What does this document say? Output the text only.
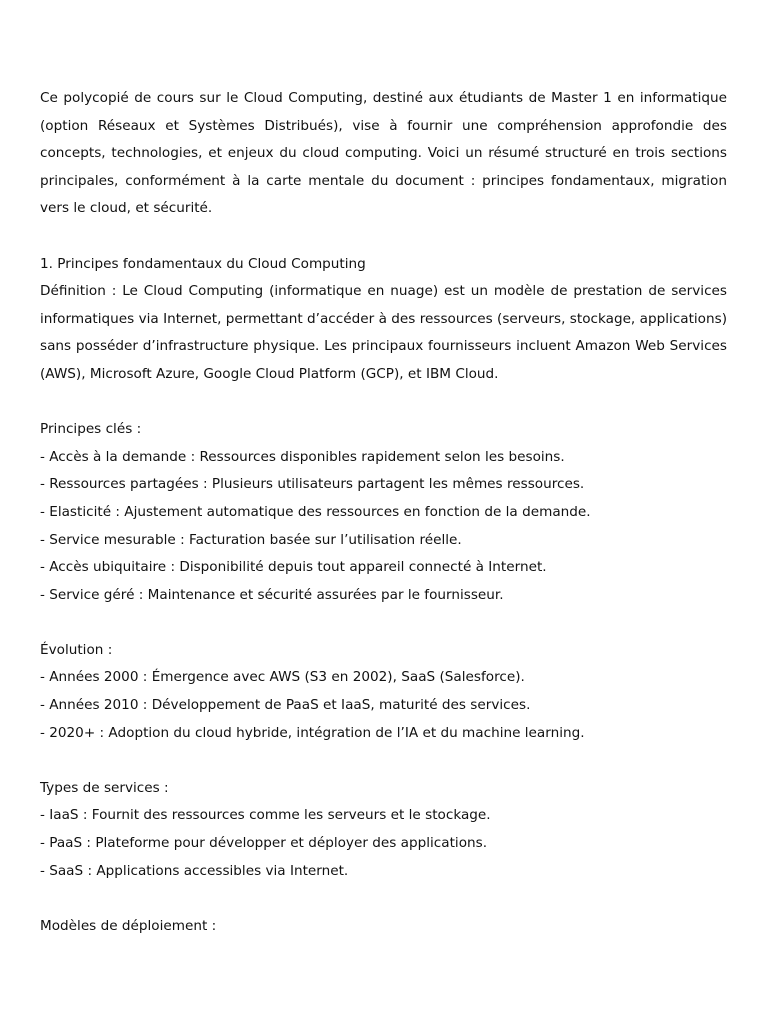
Ce polycopié de cours sur le Cloud Computing, destiné aux étudiants de Master 1 en informatique (option Réseaux et Systèmes Distribués), vise à fournir une compréhension approfondie des concepts, technologies, et enjeux du cloud computing. Voici un résumé structuré en trois sections principales, conformément à la carte mentale du document : principes fondamentaux, migration vers le cloud, et sécurité.

1. Principes fondamentaux du Cloud Computing

Définition : Le Cloud Computing (informatique en nuage) est un modèle de prestation de services informatiques via Internet, permettant d’accéder à des ressources (serveurs, stockage, applications) sans posséder d’infrastructure physique. Les principaux fournisseurs incluent Amazon Web Services (AWS), Microsoft Azure, Google Cloud Platform (GCP), et IBM Cloud.

Principes clés :
- Accès à la demande : Ressources disponibles rapidement selon les besoins.
- Ressources partagées : Plusieurs utilisateurs partagent les mêmes ressources.
- Elasticité : Ajustement automatique des ressources en fonction de la demande.
- Service mesurable : Facturation basée sur l’utilisation réelle.
- Accès ubiquitaire : Disponibilité depuis tout appareil connecté à Internet.
- Service géré : Maintenance et sécurité assurées par le fournisseur.
Évolution :
- Années 2000 : Émergence avec AWS (S3 en 2002), SaaS (Salesforce).
- Années 2010 : Développement de PaaS et IaaS, maturité des services.
- 2020+ : Adoption du cloud hybride, intégration de l’IA et du machine learning.
Types de services :
- IaaS : Fournit des ressources comme les serveurs et le stockage.
- PaaS : Plateforme pour développer et déployer des applications.
- SaaS : Applications accessibles via Internet.
Modèles de déploiement :
